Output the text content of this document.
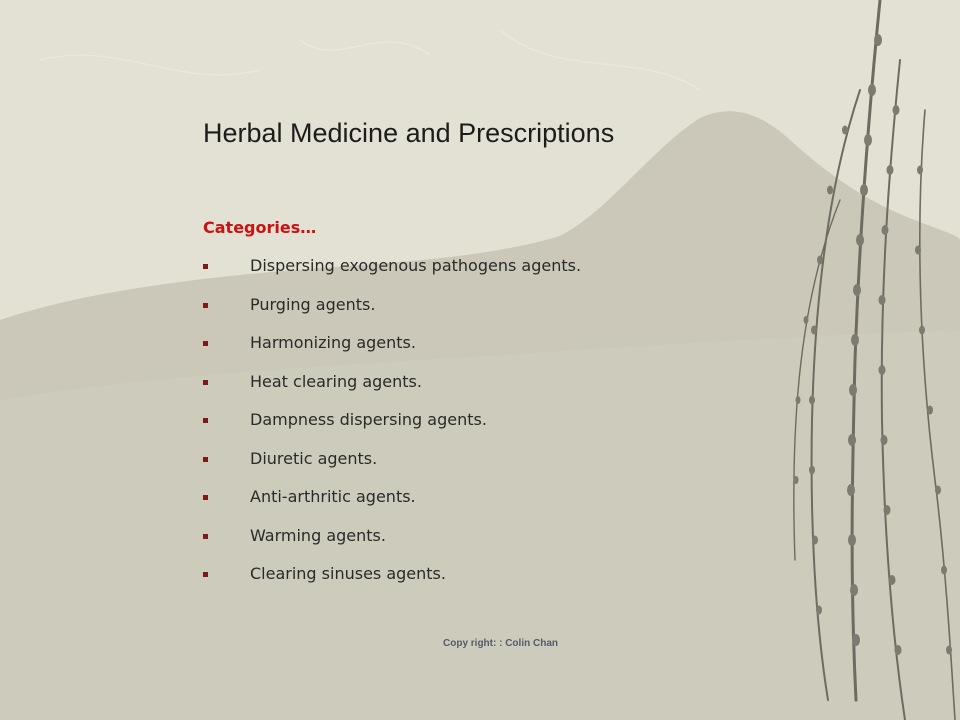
Herbal Medicine and Prescriptions

Categories…

Dispersing exogenous pathogens agents.
Purging agents.
Harmonizing agents.
Heat clearing agents.
Dampness dispersing agents.
Diuretic agents.
Anti-arthritic agents.
Warming agents.
Clearing sinuses agents.

Copy right: : Colin Chan
